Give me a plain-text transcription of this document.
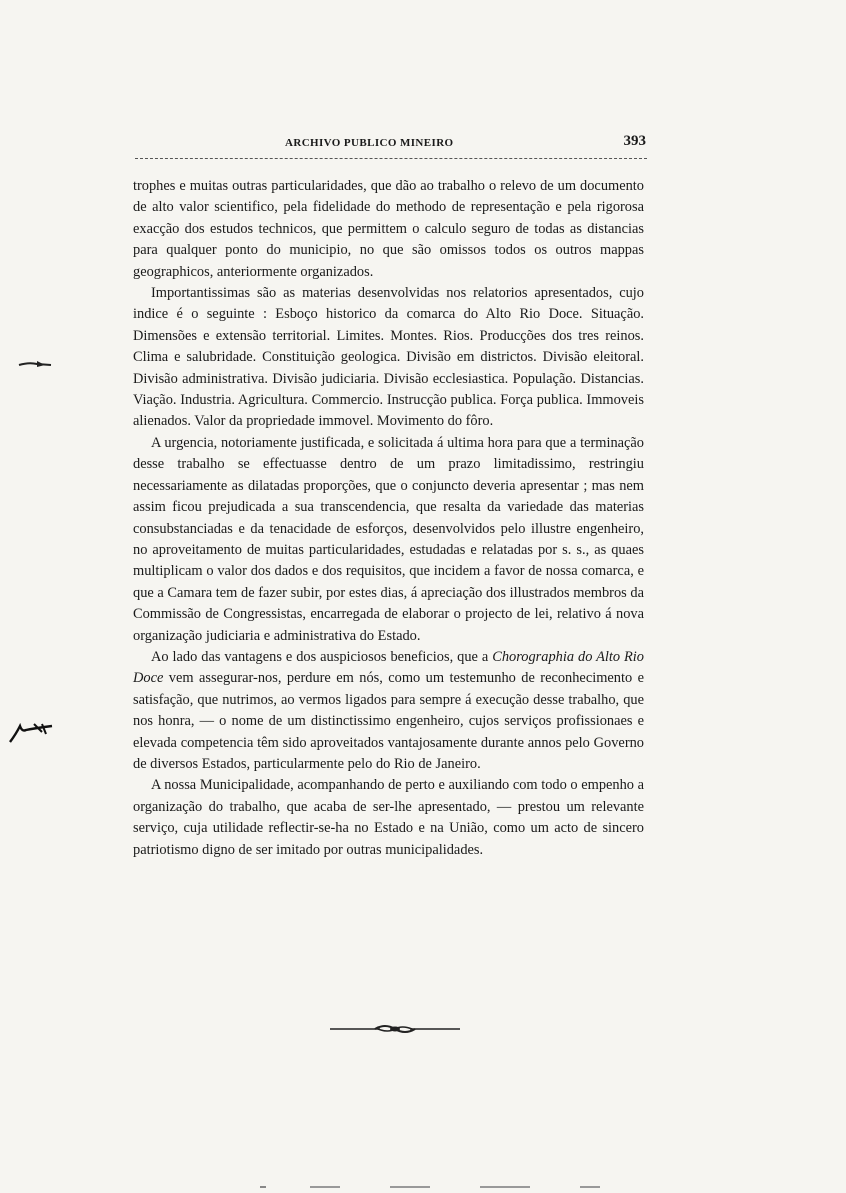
ARCHIVO PUBLICO MINEIRO	393

trophes e muitas outras particularidades, que dão ao trabalho o relevo de um documento de alto valor scientifico, pela fidelidade do methodo de representação e pela rigorosa exacção dos estudos technicos, que permittem o calculo seguro de todas as distancias para qualquer ponto do municipio, no que são omissos todos os outros mappas geographicos, anteriormente organizados.

Importantissimas são as materias desenvolvidas nos relatorios apresentados, cujo indice é o seguinte : Esboço historico da comarca do Alto Rio Doce. Situação. Dimensões e extensão territorial. Limites. Montes. Rios. Producções dos tres reinos. Clima e salubridade. Constituição geologica. Divisão em districtos. Divisão eleitoral. Divisão administrativa. Divisão judiciaria. Divisão ecclesiastica. População. Distancias. Viação. Industria. Agricultura. Commercio. Instrucção publica. Força publica. Immoveis alienados. Valor da propriedade immovel. Movimento do fôro.

A urgencia, notoriamente justificada, e solicitada á ultima hora para que a terminação desse trabalho se effectuasse dentro de um prazo limitadissimo, restringiu necessariamente as dilatadas proporções, que o conjuncto deveria apresentar ; mas nem assim ficou prejudicada a sua transcendencia, que resalta da variedade das materias consubstanciadas e da tenacidade de esforços, desenvolvidos pelo illustre engenheiro, no aproveitamento de muitas particularidades, estudadas e relatadas por s. s., as quaes multiplicam o valor dos dados e dos requisitos, que incidem a favor de nossa comarca, e que a Camara tem de fazer subir, por estes dias, á apreciação dos illustrados membros da Commissão de Congressistas, encarregada de elaborar o projecto de lei, relativo á nova organização judiciaria e administrativa do Estado.

Ao lado das vantagens e dos auspiciosos beneficios, que a Chorographia do Alto Rio Doce vem assegurar-nos, perdure em nós, como um testemunho de reconhecimento e satisfação, que nutrimos, ao vermos ligados para sempre á execução desse trabalho, que nos honra, — o nome de um distinctissimo engenheiro, cujos serviços profissionaes e elevada competencia têm sido aproveitados vantajosamente durante annos pelo Governo de diversos Estados, particularmente pelo do Rio de Janeiro.

A nossa Municipalidade, acompanhando de perto e auxiliando com todo o empenho a organização do trabalho, que acaba de ser-lhe apresentado, — prestou um relevante serviço, cuja utilidade reflectir-se-ha no Estado e na União, como um acto de sincero patriotismo digno de ser imitado por outras municipalidades.
